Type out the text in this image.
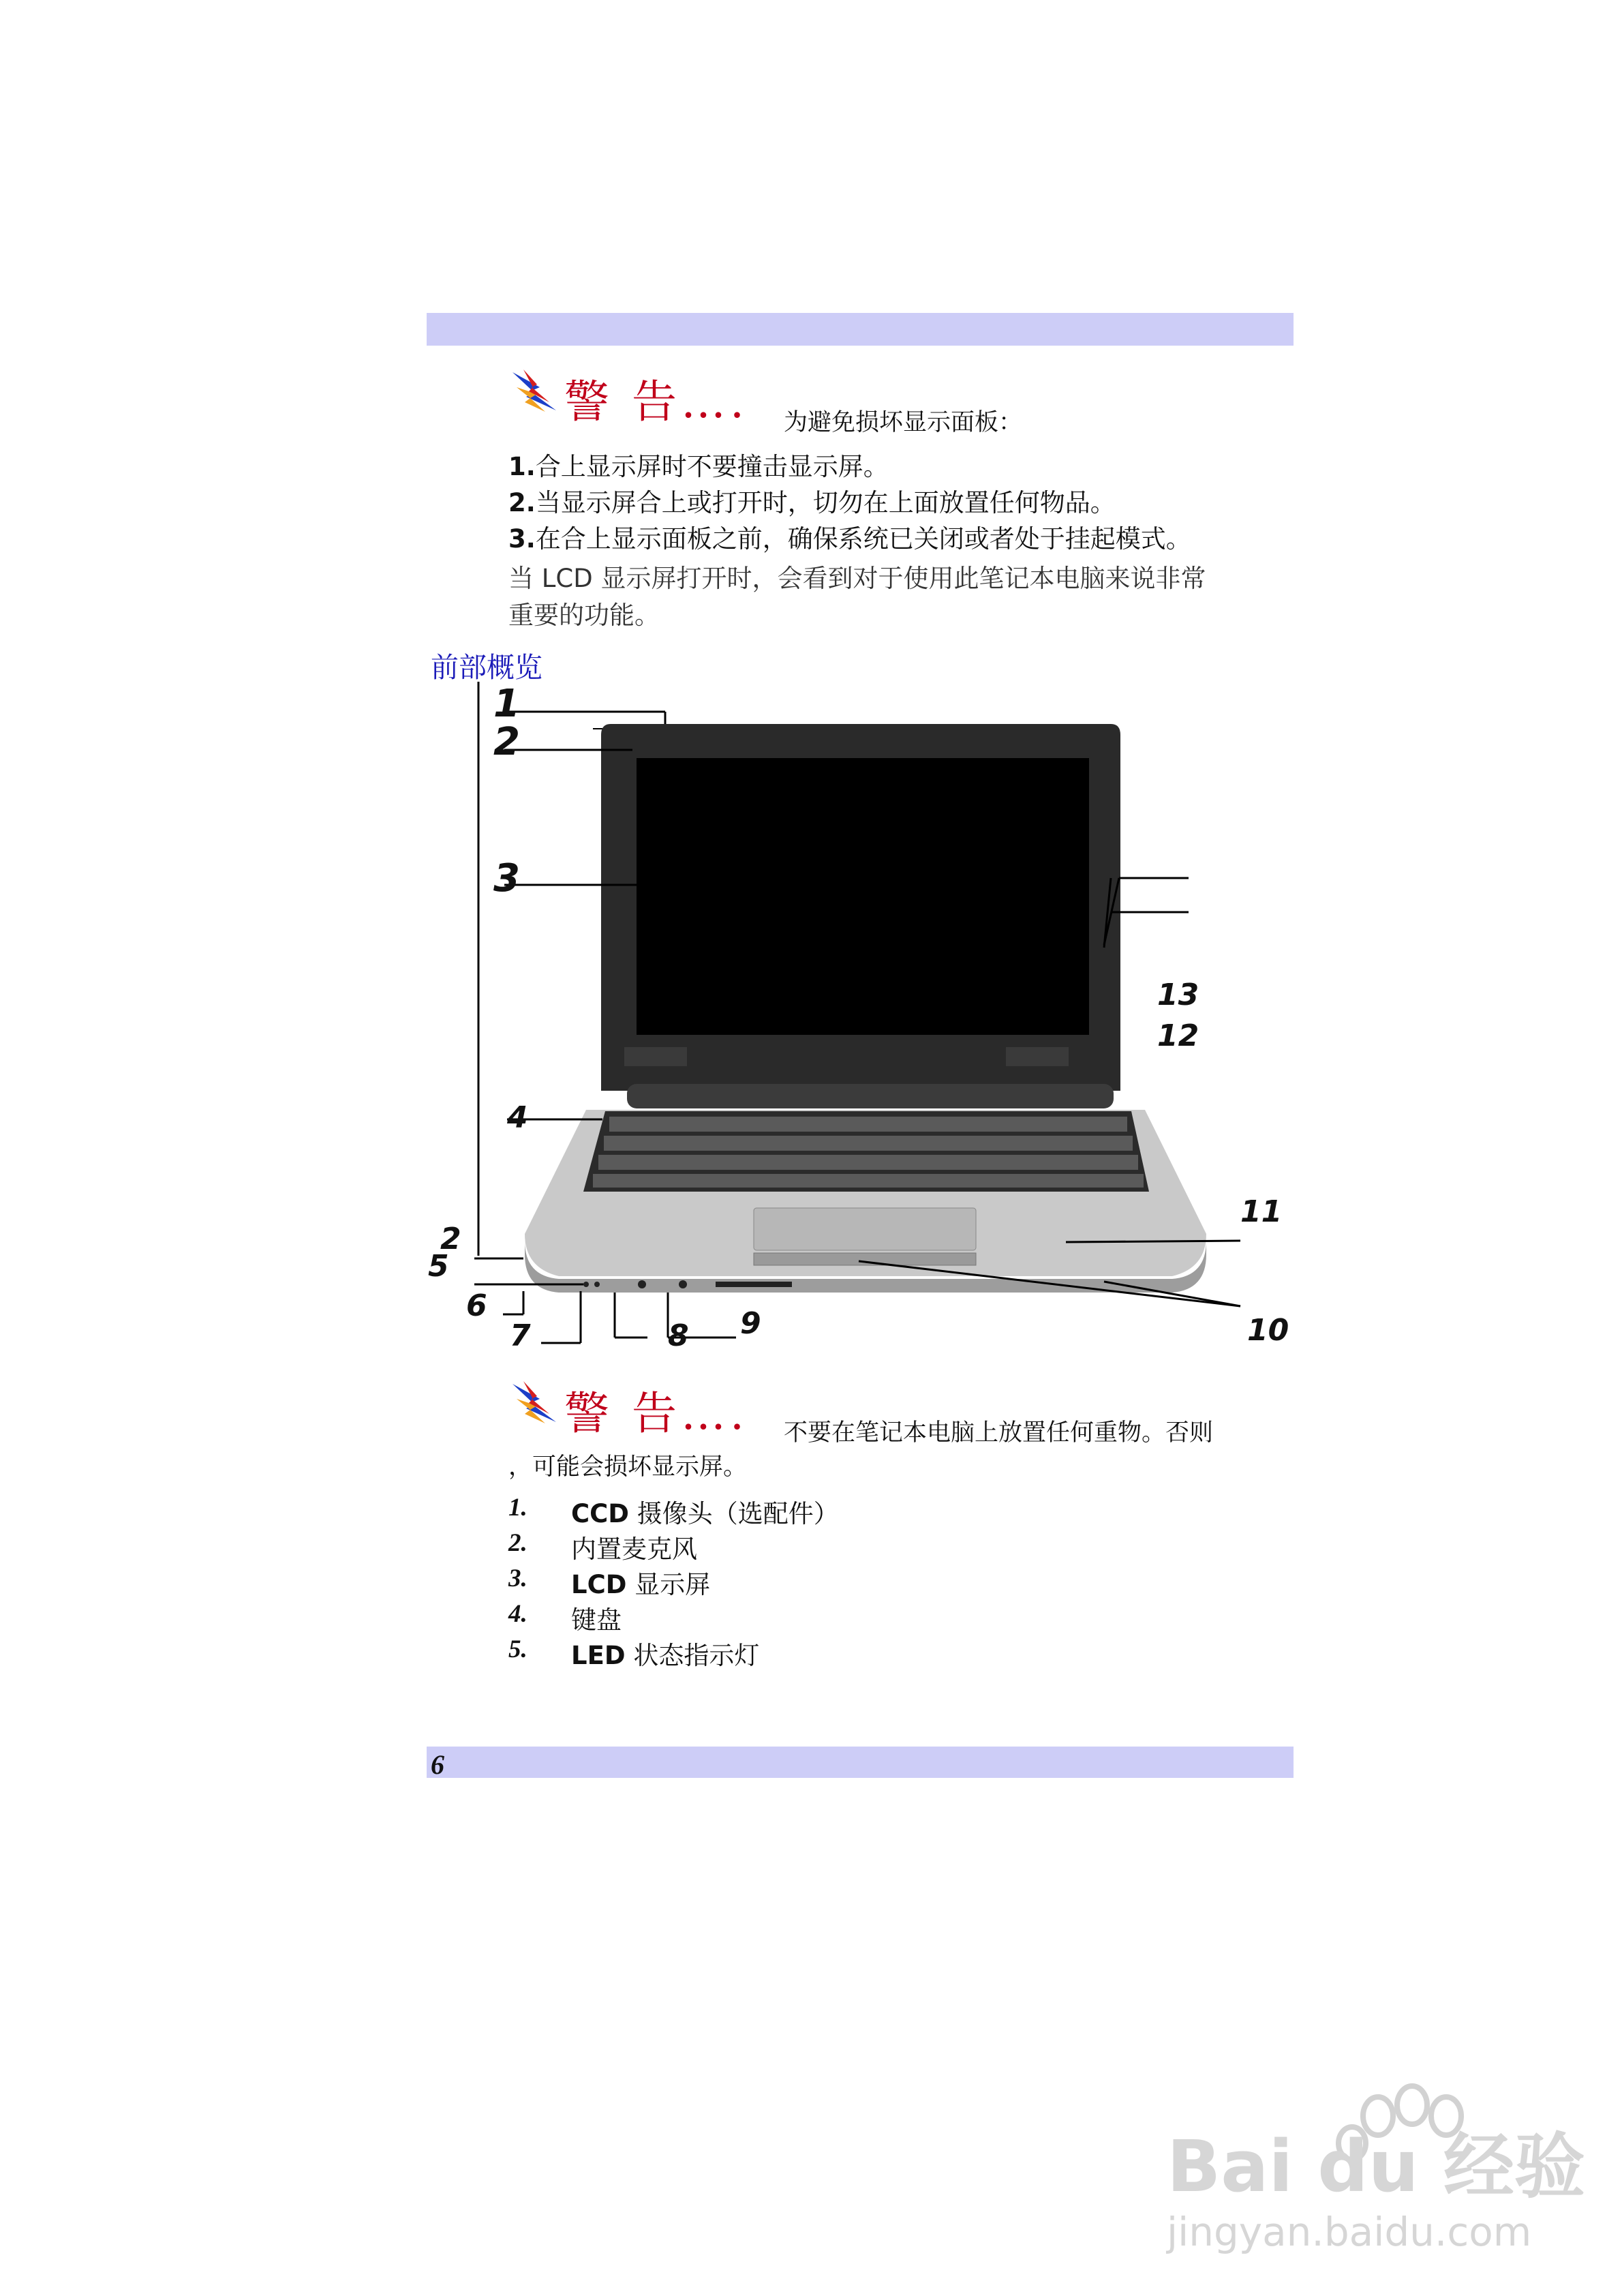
警 告…. 为避免损坏显示面板：
1.合上显示屏时不要撞击显示屏。
2.当显示屏合上或打开时，切勿在上面放置任何物品。
3.在合上显示面板之前，确保系统已关闭或者处于挂起模式。
当 LCD 显示屏打开时，会看到对于使用此笔记本电脑来说非常
重要的功能。
前部概览
1
2
3
13
12
4
11
2
5
6
7	8 9	10
警 告…. 不要在笔记本电脑上放置任何重物。否则
，可能会损坏显示屏。
1. CCD 摄像头（选配件）
2. 内置麦克风
3. LCD 显示屏
4. 键盘
5. LED 状态指示灯
6
Bai du 经验
jingyan.baidu.com
